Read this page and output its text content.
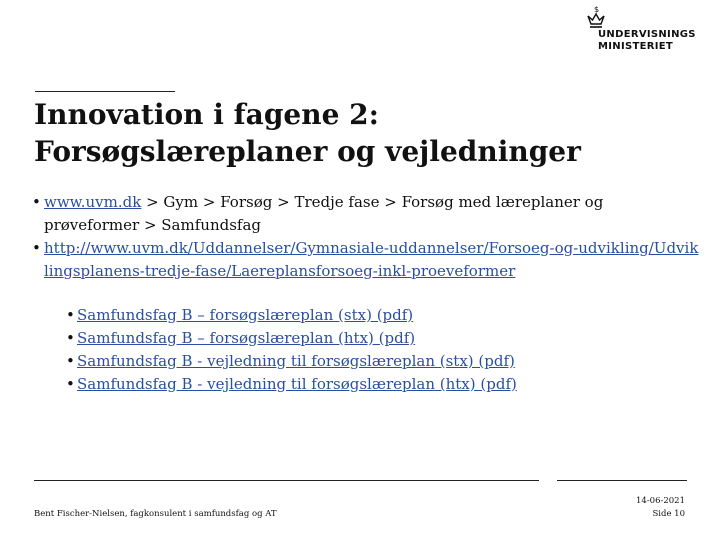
$
UNDERVISNINGS
MINISTERIET
Innovation i fagene 2:
Forsøgslæreplaner og vejledninger
• www.uvm.dk > Gym > Forsøg > Tredje fase > Forsøg med læreplaner og prøveformer > Samfundsfag
• http://www.uvm.dk/Uddannelser/Gymnasiale-uddannelser/Forsoeg-og-udvikling/Udviklingsplanens-tredje-fase/Laereplansforsoeg-inkl-proeveformer
• Samfundsfag B – forsøgslæreplan (stx) (pdf)
• Samfundsfag B – forsøgslæreplan (htx) (pdf)
• Samfundsfag B - vejledning til forsøgslæreplan (stx) (pdf)
• Samfundsfag B - vejledning til forsøgslæreplan (htx) (pdf)
Bent Fischer-Nielsen, fagkonsulent i samfundsfag og AT
14-06-2021
Side 10
